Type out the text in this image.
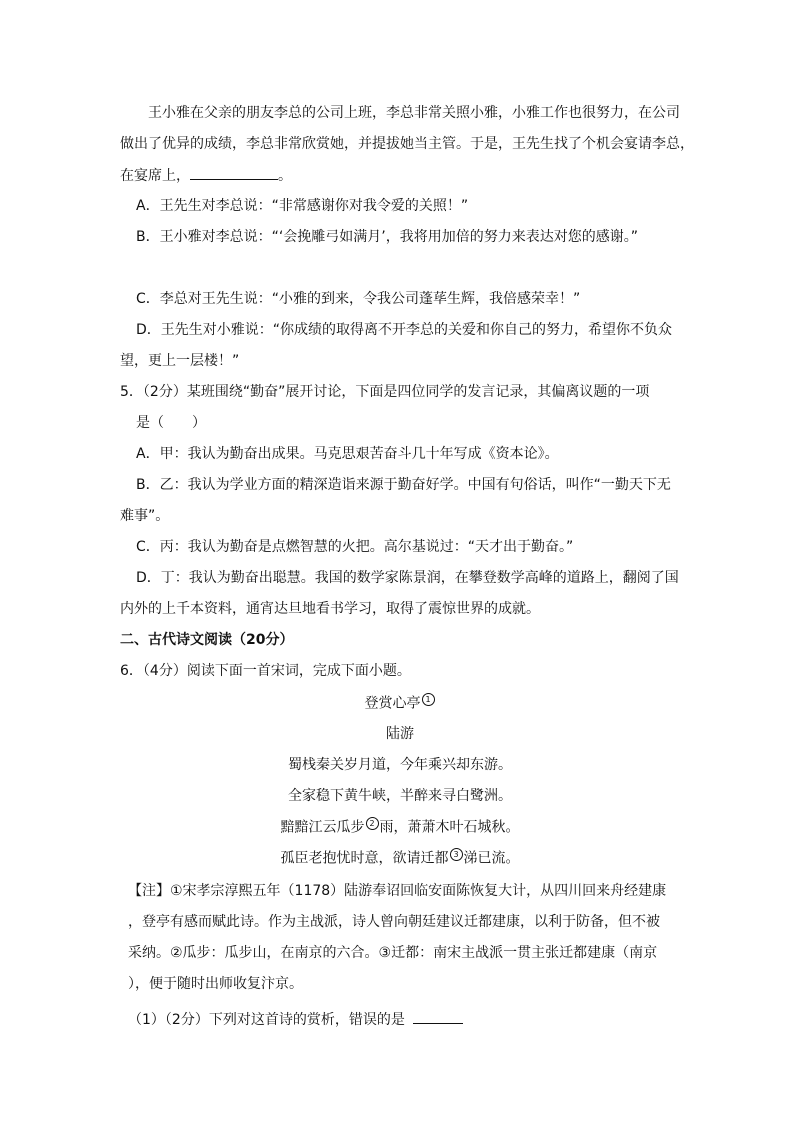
王小雅在父亲的朋友李总的公司上班，李总非常关照小雅，小雅工作也很努力，在公司
做出了优异的成绩，李总非常欣赏她，并提拔她当主管。于是，王先生找了个机会宴请李总，
在宴席上，	。
A．王先生对李总说：“非常感谢你对我令爱的关照！”
B．王小雅对李总说：“‘会挽雕弓如满月’，我将用加倍的努力来表达对您的感谢。”
C．李总对王先生说：“小雅的到来，令我公司蓬荜生辉，我倍感荣幸！”
D．王先生对小雅说：“你成绩的取得离不开李总的关爱和你自己的努力，希望你不负众
望，更上一层楼！”
5．（2分）某班围绕“勤奋”展开讨论，下面是四位同学的发言记录，其偏离议题的一项
是（　　）
A．甲：我认为勤奋出成果。马克思艰苦奋斗几十年写成《资本论》。
B．乙：我认为学业方面的精深造诣来源于勤奋好学。中国有句俗话，叫作“一勤天下无
难事”。
C．丙：我认为勤奋是点燃智慧的火把。高尔基说过：“天才出于勤奋。”
D．丁：我认为勤奋出聪慧。我国的数学家陈景润，在攀登数学高峰的道路上，翻阅了国
内外的上千本资料，通宵达旦地看书学习，取得了震惊世界的成就。
二、古代诗文阅读（20分）
6．（4分）阅读下面一首宋词，完成下面小题。
登赏心亭 1
陆游
蜀栈秦关岁月道，今年乘兴却东游。
全家稳下黄牛峡，半醉来寻白鹭洲。
黯黯江云瓜步 2 雨，萧萧木叶石城秋。
孤臣老抱忧时意，欲请迁都 3 涕已流。
【注】①宋孝宗淳熙五年（1178）陆游奉诏回临安面陈恢复大计，从四川回来舟经建康
，登亭有感而赋此诗。作为主战派，诗人曾向朝廷建议迁都建康，以利于防备，但不被
采纳。②瓜步：瓜步山，在南京的六合。③迁都：南宋主战派一贯主张迁都建康（南京
），便于随时出师收复汴京。
（1）（2分）下列对这首诗的赏析，错误的是
